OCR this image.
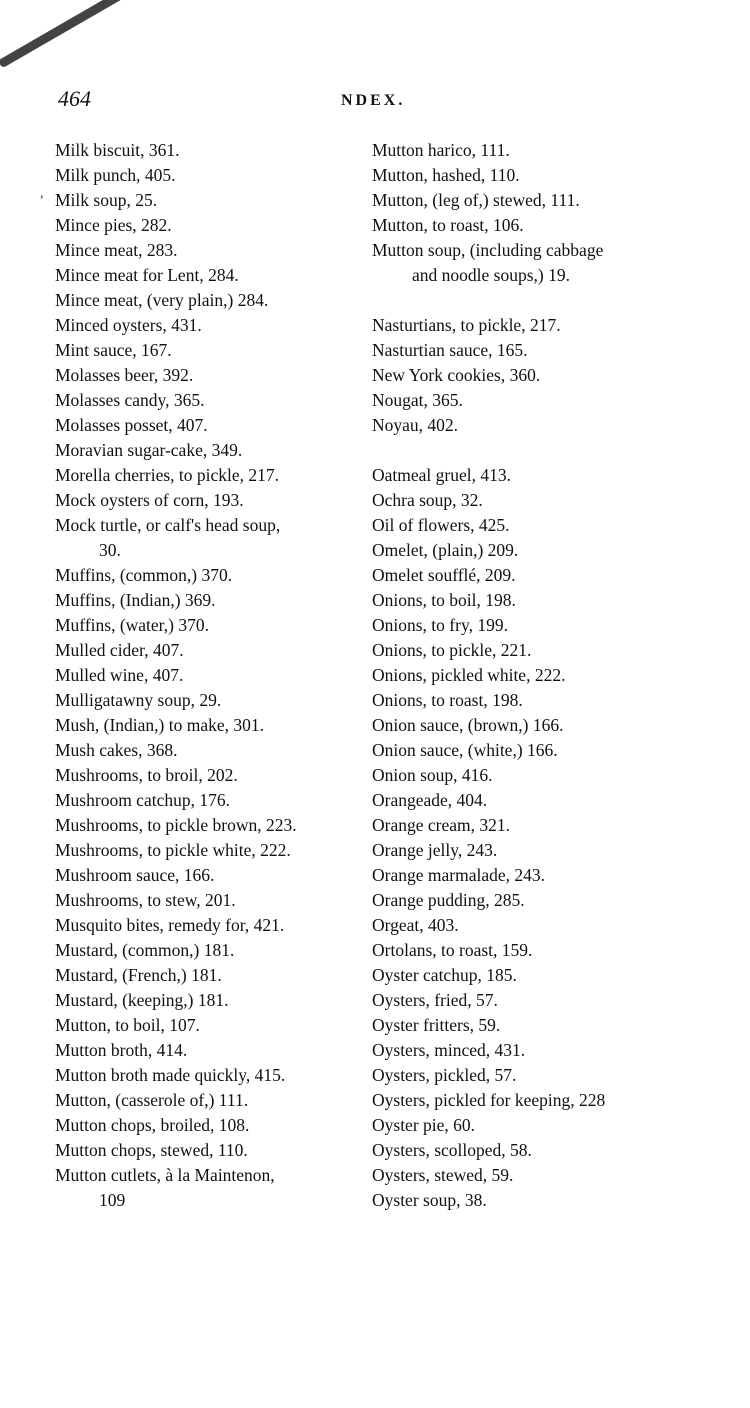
464	NDEX.
,
Milk biscuit, 361.
Milk punch, 405.
Milk soup, 25.
Mince pies, 282.
Mince meat, 283.
Mince meat for Lent, 284.
Mince meat, (very plain,) 284.
Minced oysters, 431.
Mint sauce, 167.
Molasses beer, 392.
Molasses candy, 365.
Molasses posset, 407.
Moravian sugar-cake, 349.
Morella cherries, to pickle, 217.
Mock oysters of corn, 193.
Mock turtle, or calf's head soup,
30.
Muffins, (common,) 370.
Muffins, (Indian,) 369.
Muffins, (water,) 370.
Mulled cider, 407.
Mulled wine, 407.
Mulligatawny soup, 29.
Mush, (Indian,) to make, 301.
Mush cakes, 368.
Mushrooms, to broil, 202.
Mushroom catchup, 176.
Mushrooms, to pickle brown, 223.
Mushrooms, to pickle white, 222.
Mushroom sauce, 166.
Mushrooms, to stew, 201.
Musquito bites, remedy for, 421.
Mustard, (common,) 181.
Mustard, (French,) 181.
Mustard, (keeping,) 181.
Mutton, to boil, 107.
Mutton broth, 414.
Mutton broth made quickly, 415.
Mutton, (casserole of,) 111.
Mutton chops, broiled, 108.
Mutton chops, stewed, 110.
Mutton cutlets, à la Maintenon,
109
Mutton harico, 111.
Mutton, hashed, 110.
Mutton, (leg of,) stewed, 111.
Mutton, to roast, 106.
Mutton soup, (including cabbage
and noodle soups,) 19.
Nasturtians, to pickle, 217.
Nasturtian sauce, 165.
New York cookies, 360.
Nougat, 365.
Noyau, 402.
Oatmeal gruel, 413.
Ochra soup, 32.
Oil of flowers, 425.
Omelet, (plain,) 209.
Omelet soufflé, 209.
Onions, to boil, 198.
Onions, to fry, 199.
Onions, to pickle, 221.
Onions, pickled white, 222.
Onions, to roast, 198.
Onion sauce, (brown,) 166.
Onion sauce, (white,) 166.
Onion soup, 416.
Orangeade, 404.
Orange cream, 321.
Orange jelly, 243.
Orange marmalade, 243.
Orange pudding, 285.
Orgeat, 403.
Ortolans, to roast, 159.
Oyster catchup, 185.
Oysters, fried, 57.
Oyster fritters, 59.
Oysters, minced, 431.
Oysters, pickled, 57.
Oysters, pickled for keeping, 228
Oyster pie, 60.
Oysters, scolloped, 58.
Oysters, stewed, 59.
Oyster soup, 38.
